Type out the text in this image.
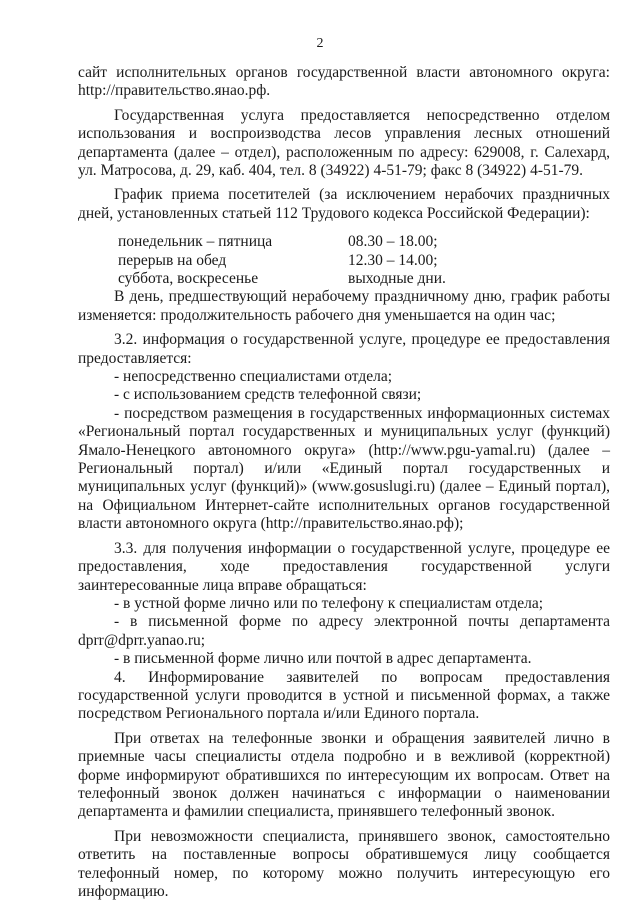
2

сайт исполнительных органов государственной власти автономного округа: http://правительство.янао.рф.

Государственная услуга предоставляется непосредственно отделом использования и воспроизводства лесов управления лесных отношений департамента (далее – отдел), расположенным по адресу: 629008, г. Салехард, ул. Матросова, д. 29, каб. 404, тел. 8 (34922) 4-51-79; факс 8 (34922) 4-51-79.

График приема посетителей (за исключением нерабочих праздничных дней, установленных статьей 112 Трудового кодекса Российской Федерации):

понедельник – пятница	08.30 – 18.00;
перерыв на обед	12.30 – 14.00;
суббота, воскресенье	выходные дни.

В день, предшествующий нерабочему праздничному дню, график работы изменяется: продолжительность рабочего дня уменьшается на один час;

3.2. информация о государственной услуге, процедуре ее предоставления предоставляется:

- непосредственно специалистами отдела;

- с использованием средств телефонной связи;

- посредством размещения в государственных информационных системах «Региональный портал государственных и муниципальных услуг (функций) Ямало-Ненецкого автономного округа» (http://www.pgu-yamal.ru) (далее – Региональный портал) и/или «Единый портал государственных и муниципальных услуг (функций)» (www.gosuslugi.ru) (далее – Единый портал), на Официальном Интернет-сайте исполнительных органов государственной власти автономного округа (http://правительство.янао.рф);

3.3. для получения информации о государственной услуге, процедуре ее предоставления, ходе предоставления государственной услуги заинтересованные лица вправе обращаться:

- в устной форме лично или по телефону к специалистам отдела;

- в письменной форме по адресу электронной почты департамента dprr@dprr.yanao.ru;

- в письменной форме лично или почтой в адрес департамента.

4. Информирование заявителей по вопросам предоставления государственной услуги проводится в устной и письменной формах, а также посредством Регионального портала и/или Единого портала.

При ответах на телефонные звонки и обращения заявителей лично в приемные часы специалисты отдела подробно и в вежливой (корректной) форме информируют обратившихся по интересующим их вопросам. Ответ на телефонный звонок должен начинаться с информации о наименовании департамента и фамилии специалиста, принявшего телефонный звонок.

При невозможности специалиста, принявшего звонок, самостоятельно ответить на поставленные вопросы обратившемуся лицу сообщается телефонный номер, по которому можно получить интересующую его информацию.
